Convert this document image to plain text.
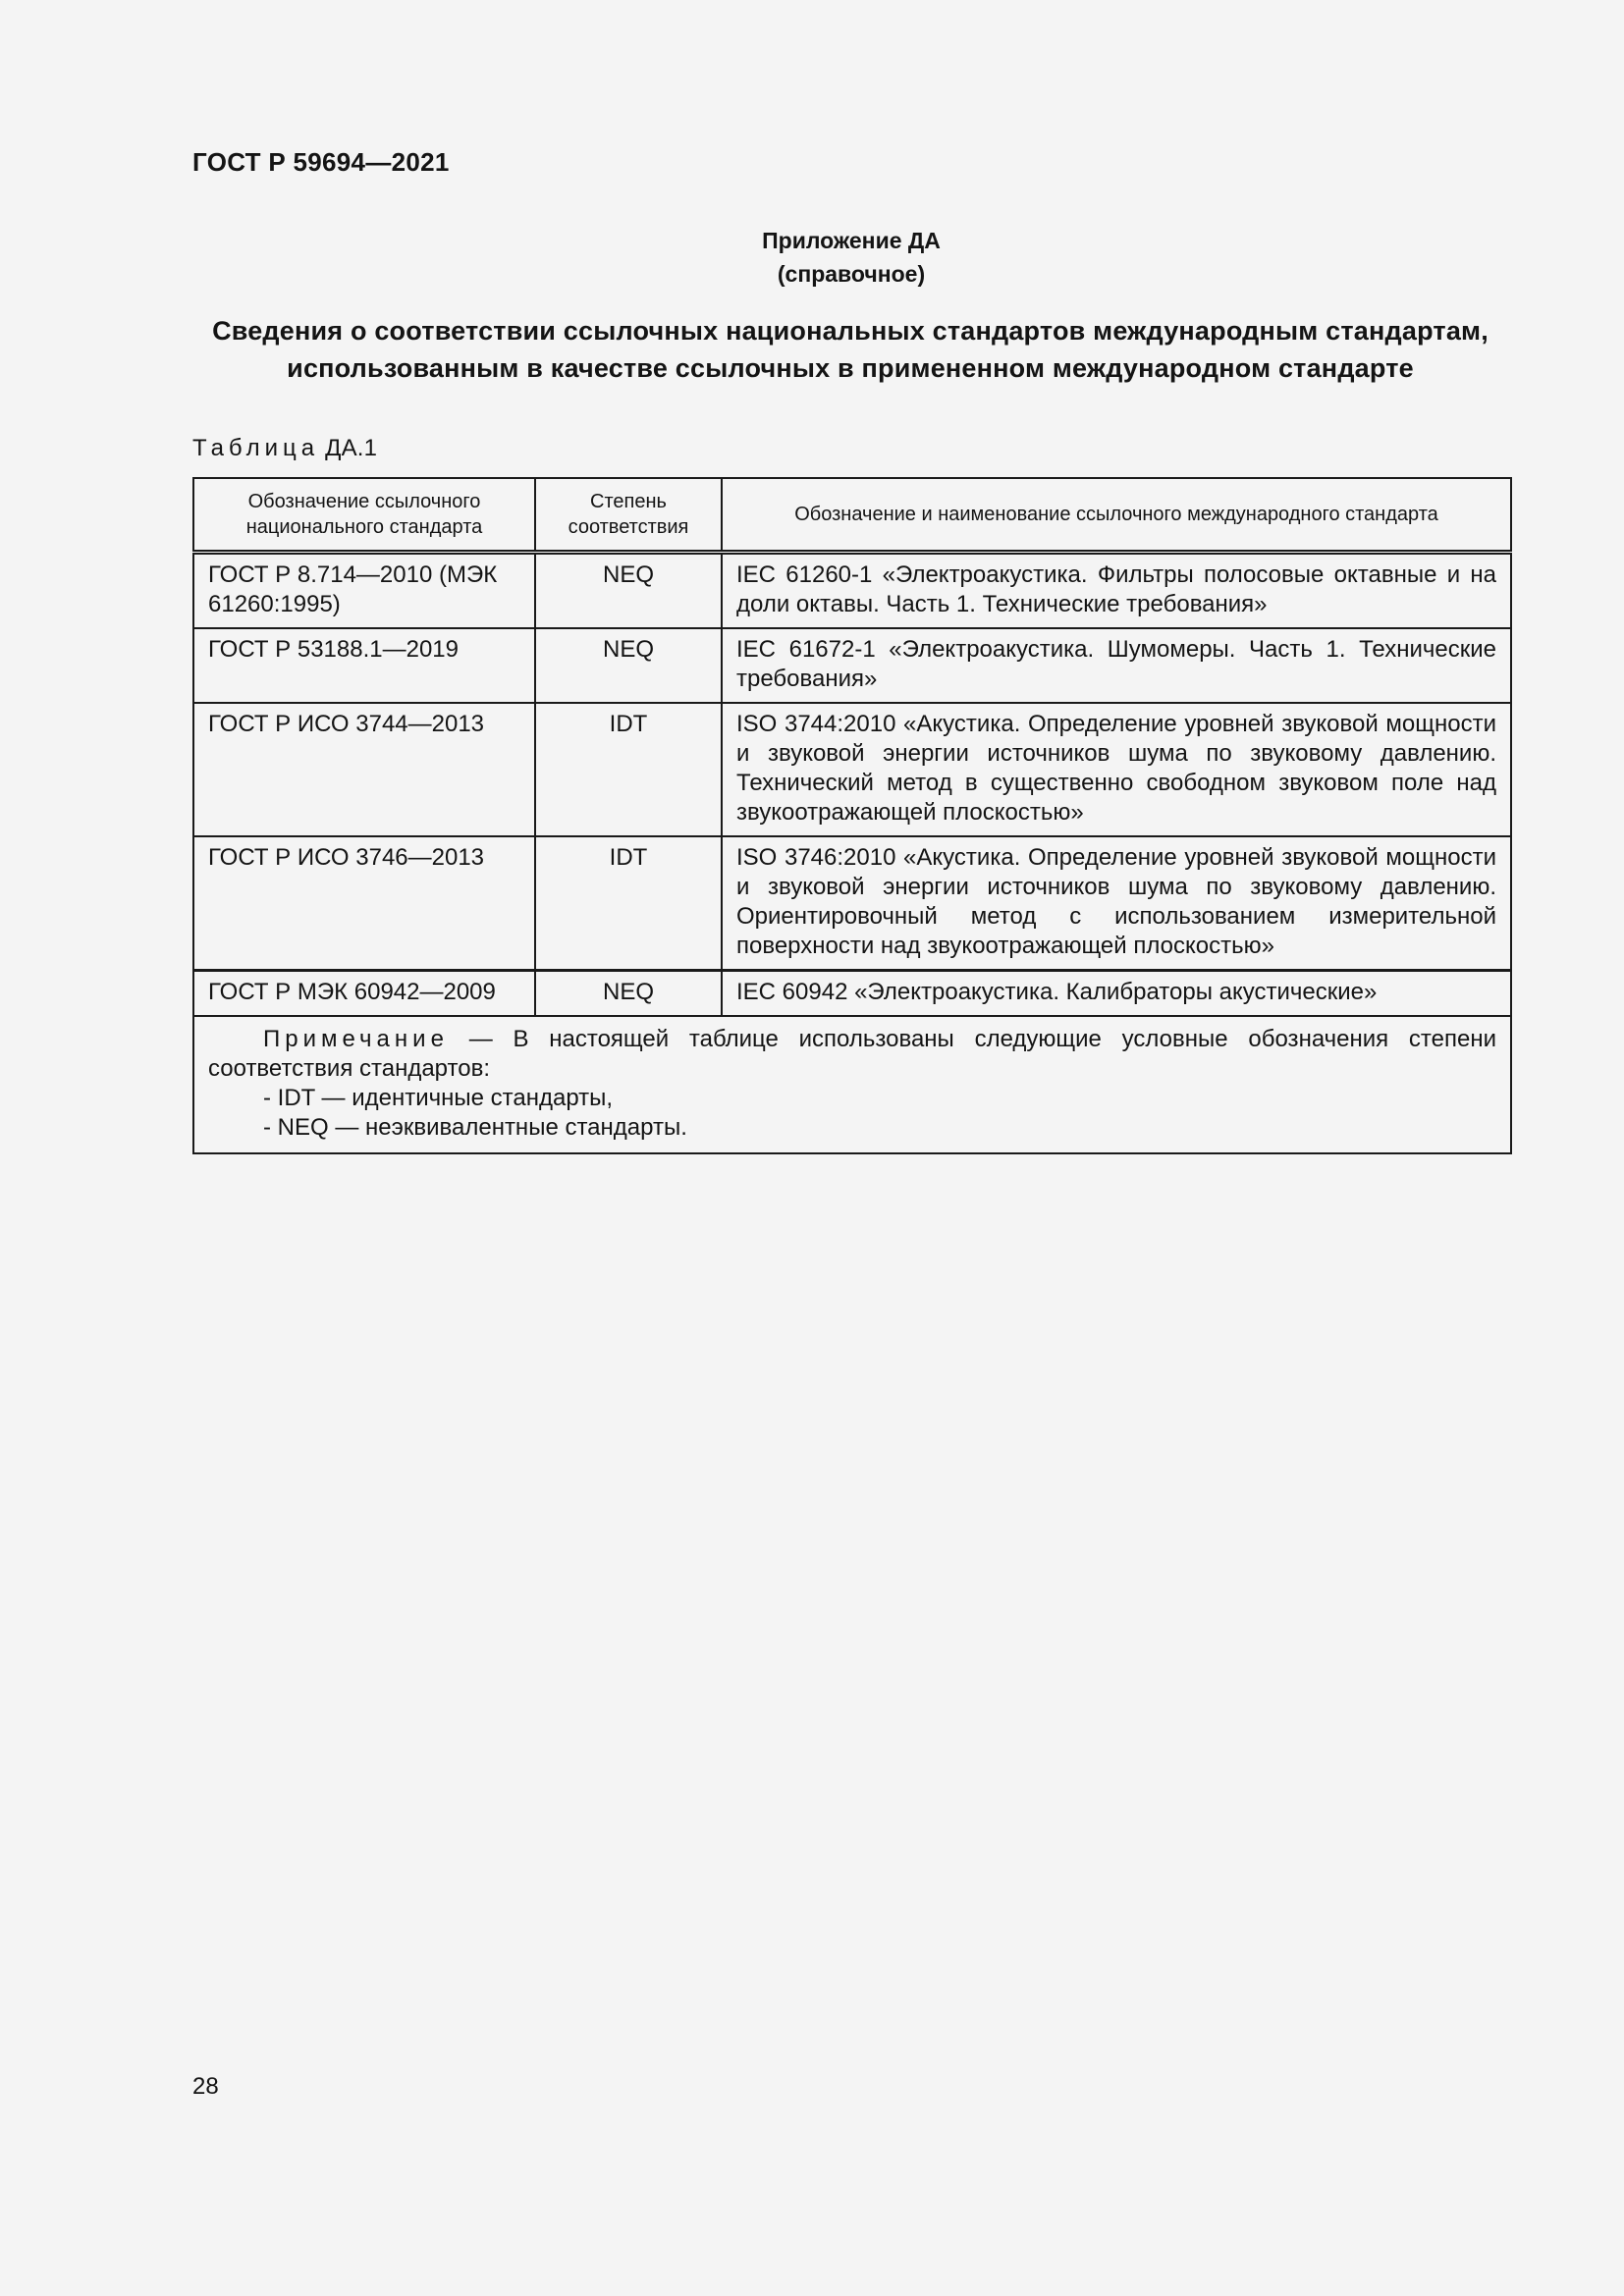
ГОСТ Р 59694—2021
Приложение ДА
(справочное)
Сведения о соответствии ссылочных национальных стандартов международным стандартам,
использованным в качестве ссылочных в примененном международном стандарте
Таблица ДА.1
Обозначение ссылочного национального стандарта	Степень соответствия	Обозначение и наименование ссылочного международного стандарта
ГОСТ Р 8.714—2010 (МЭК 61260:1995)	NEQ	IEC 61260-1 «Электроакустика. Фильтры полосовые октавные и на доли октавы. Часть 1. Технические требования»
ГОСТ Р 53188.1—2019	NEQ	IEC 61672-1 «Электроакустика. Шумомеры. Часть 1. Технические требования»
ГОСТ Р ИСО 3744—2013	IDT	ISO 3744:2010 «Акустика. Определение уровней звуковой мощности и звуковой энергии источников шума по звуковому давлению. Технический метод в существенно свободном звуковом поле над звукоотражающей плоскостью»
ГОСТ Р ИСО 3746—2013	IDT	ISO 3746:2010 «Акустика. Определение уровней звуковой мощности и звуковой энергии источников шума по звуковому давлению. Ориентировочный метод с использованием измерительной поверхности над звукоотражающей плоскостью»
ГОСТ Р МЭК 60942—2009	NEQ	IEC 60942 «Электроакустика. Калибраторы акустические»

Примечание — В настоящей таблице использованы следующие условные обозначения степени соответствия стандартов:
- IDT — идентичные стандарты,
- NEQ — неэквивалентные стандарты.		
28
